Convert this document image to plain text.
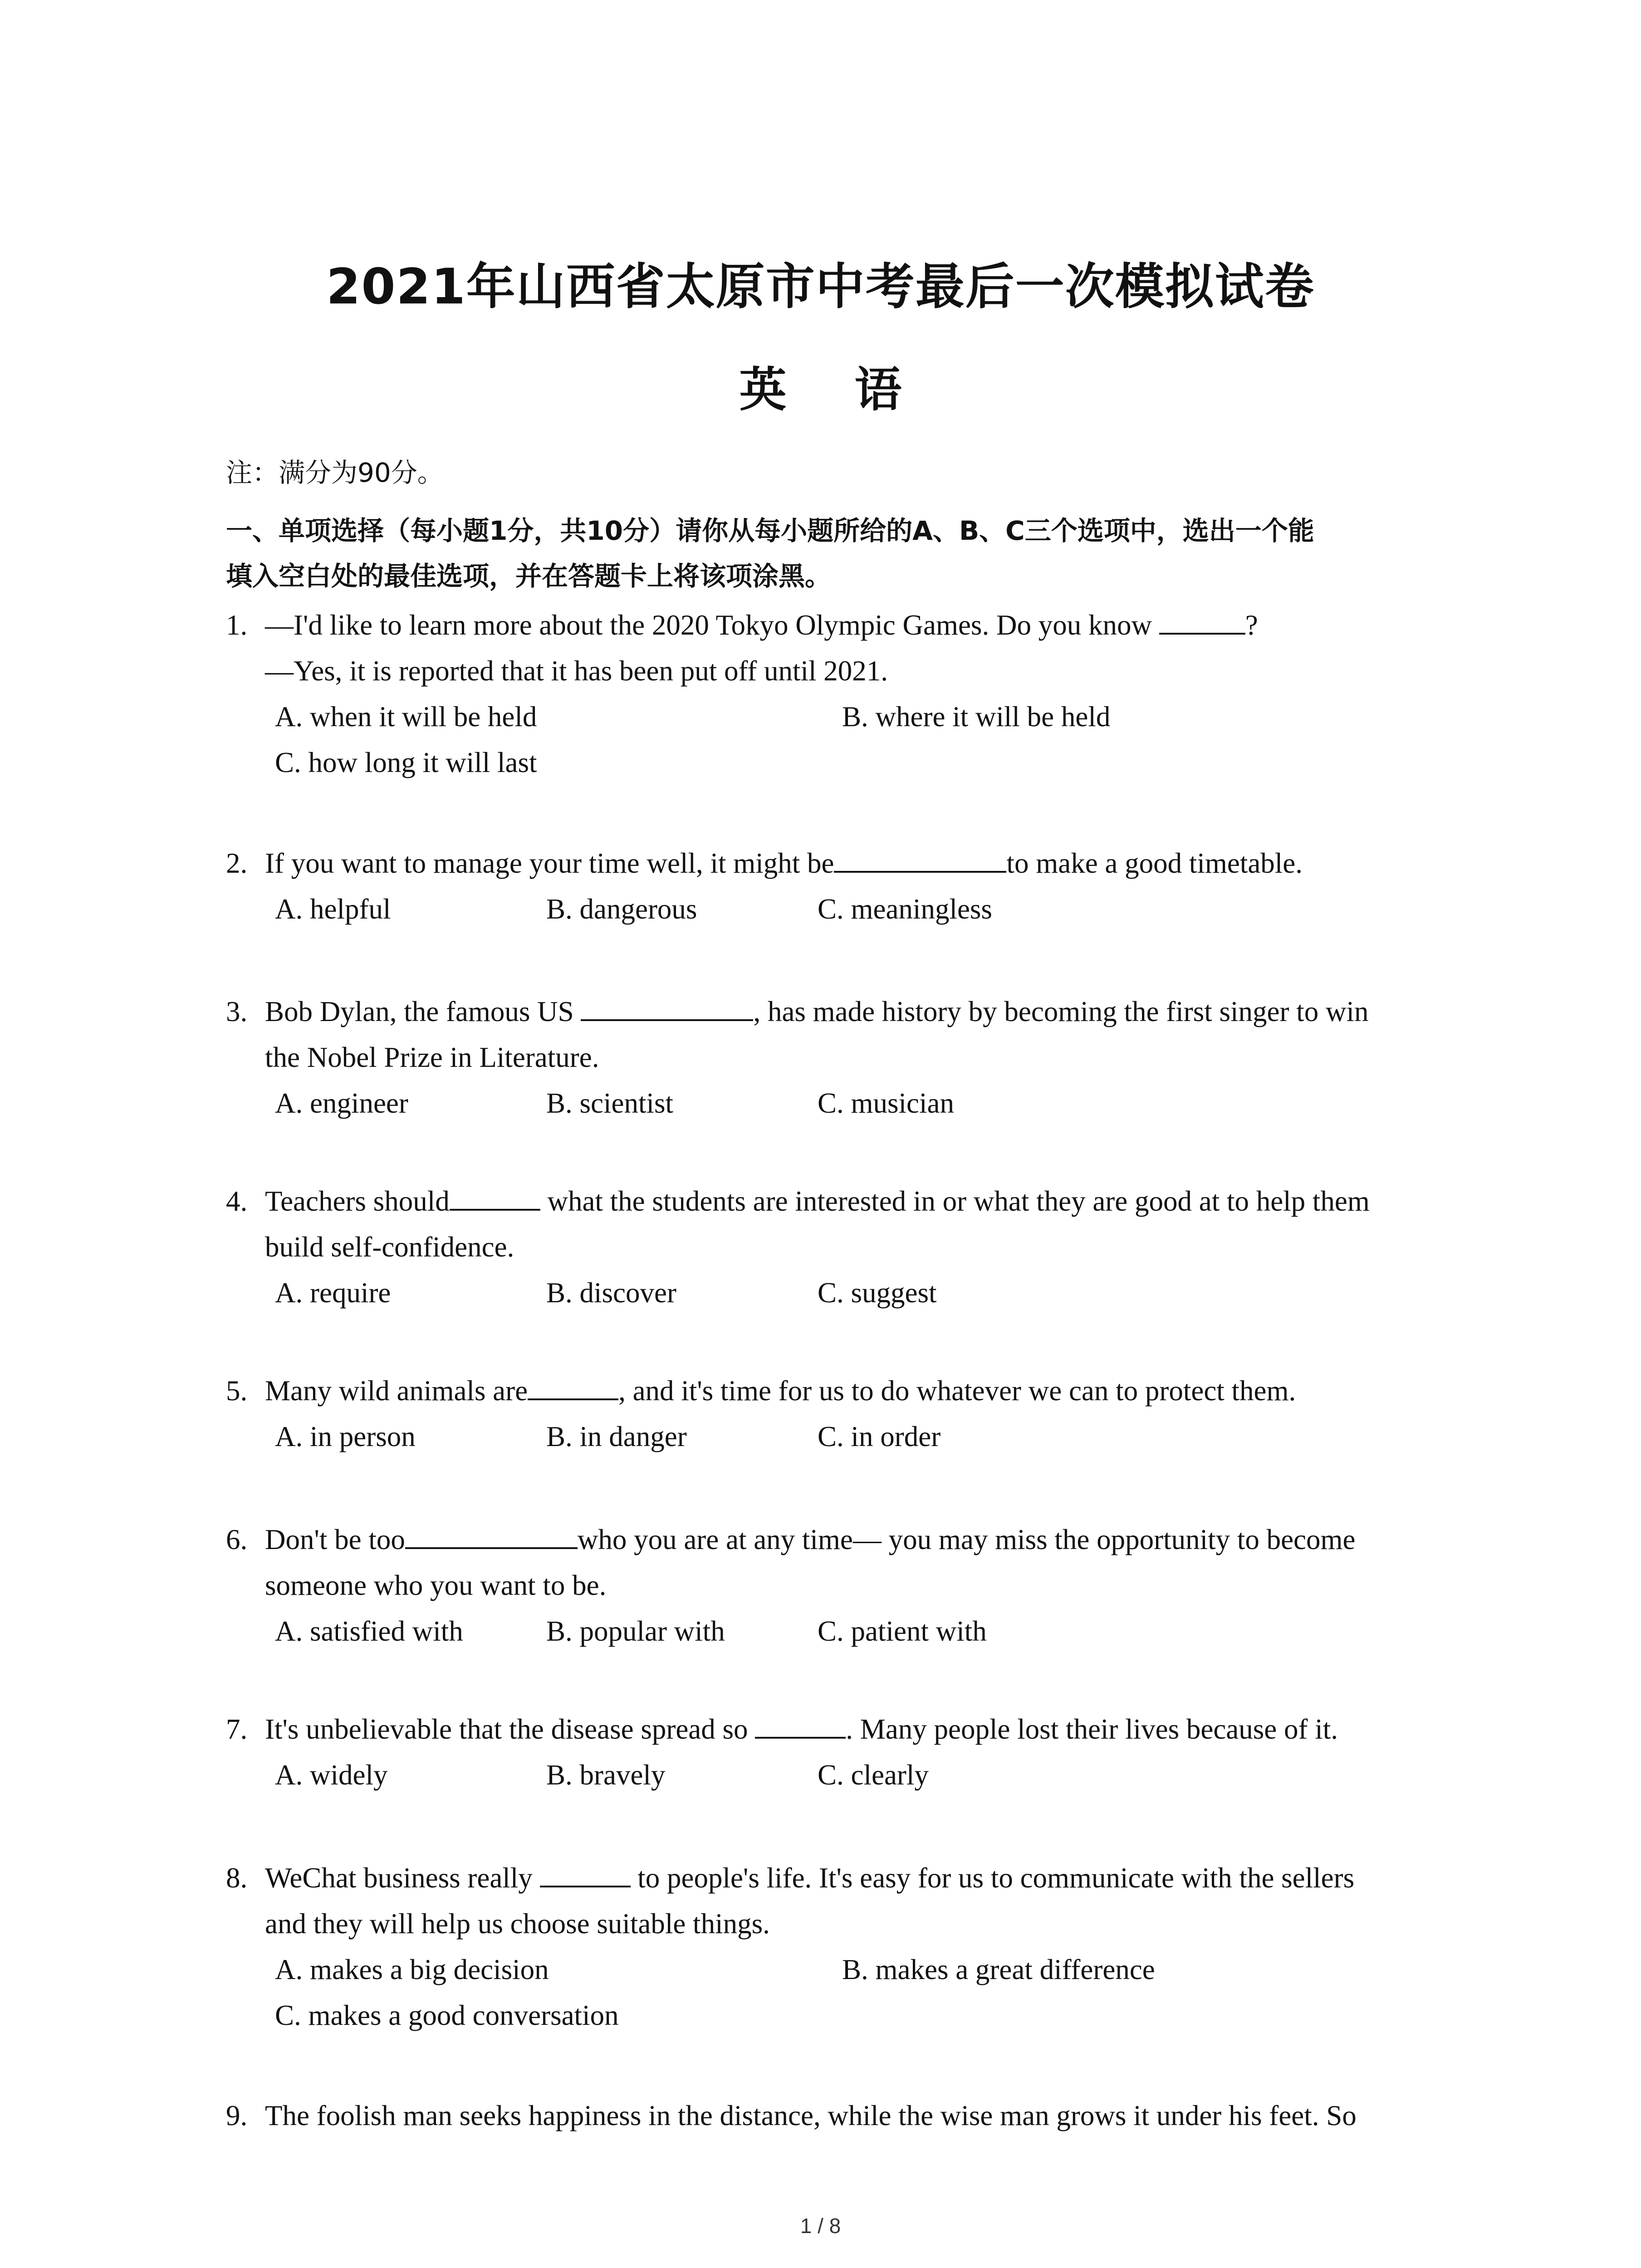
2021年山西省太原市中考最后一次模拟试卷
英语
注：满分为90分。
一、单项选择（每小题1分，共10分）请你从每小题所给的A、B、C三个选项中，选出一个能
填入空白处的最佳选项，并在答题卡上将该项涂黑。
1. —I'd like to learn more about the 2020 Tokyo Olympic Games. Do you know	?
—Yes, it is reported that it has been put off until 2021.
A. when it will be held	B. where it will be held
C. how long it will last
2. If you want to manage your time well, it might be	to make a good timetable.
A. helpful	B. dangerous	C. meaningless
3. Bob Dylan, the famous US	, has made history by becoming the first singer to win
the Nobel Prize in Literature.
A. engineer	B. scientist	C. musician
4. Teachers should	what the students are interested in or what they are good at to help them
build self-confidence.
A. require	B. discover	C. suggest
5. Many wild animals are	, and it's time for us to do whatever we can to protect them.
A. in person	B. in danger	C. in order
6. Don't be too	who you are at any time— you may miss the opportunity to become
someone who you want to be.
A. satisfied with	B. popular with	C. patient with
7. It's unbelievable that the disease spread so	. Many people lost their lives because of it.
A. widely	B. bravely	C. clearly
8. WeChat business really	to people's life. It's easy for us to communicate with the sellers
and they will help us choose suitable things.
A. makes a big decision	B. makes a great difference
C. makes a good conversation
9. The foolish man seeks happiness in the distance, while the wise man grows it under his feet. So
1 / 8
